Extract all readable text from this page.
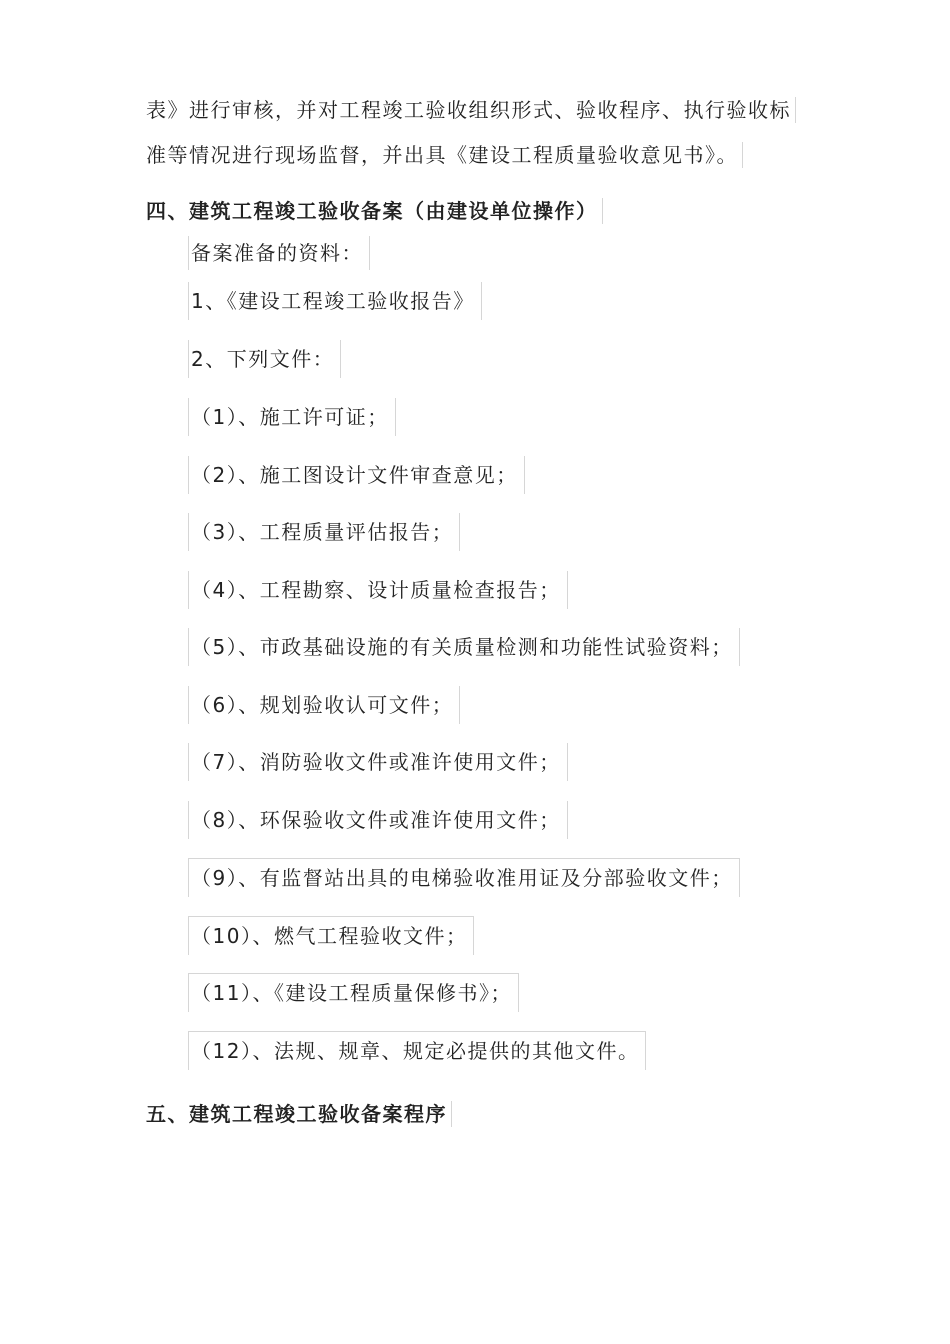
表》进行审核，并对工程竣工验收组织形式、验收程序、执行验收标
准等情况进行现场监督，并出具《建设工程质量验收意见书》。
四、建筑工程竣工验收备案（由建设单位操作）
备案准备的资料：
1、《建设工程竣工验收报告》
2、下列文件：
（1）、施工许可证；
（2）、施工图设计文件审查意见；
（3）、工程质量评估报告；
（4）、工程勘察、设计质量检查报告；
（5）、市政基础设施的有关质量检测和功能性试验资料；
（6）、规划验收认可文件；
（7）、消防验收文件或准许使用文件；
（8）、环保验收文件或准许使用文件；
（9）、有监督站出具的电梯验收准用证及分部验收文件；
（10）、燃气工程验收文件；
（11）、《建设工程质量保修书》；
（12）、法规、规章、规定必提供的其他文件。
五、建筑工程竣工验收备案程序
